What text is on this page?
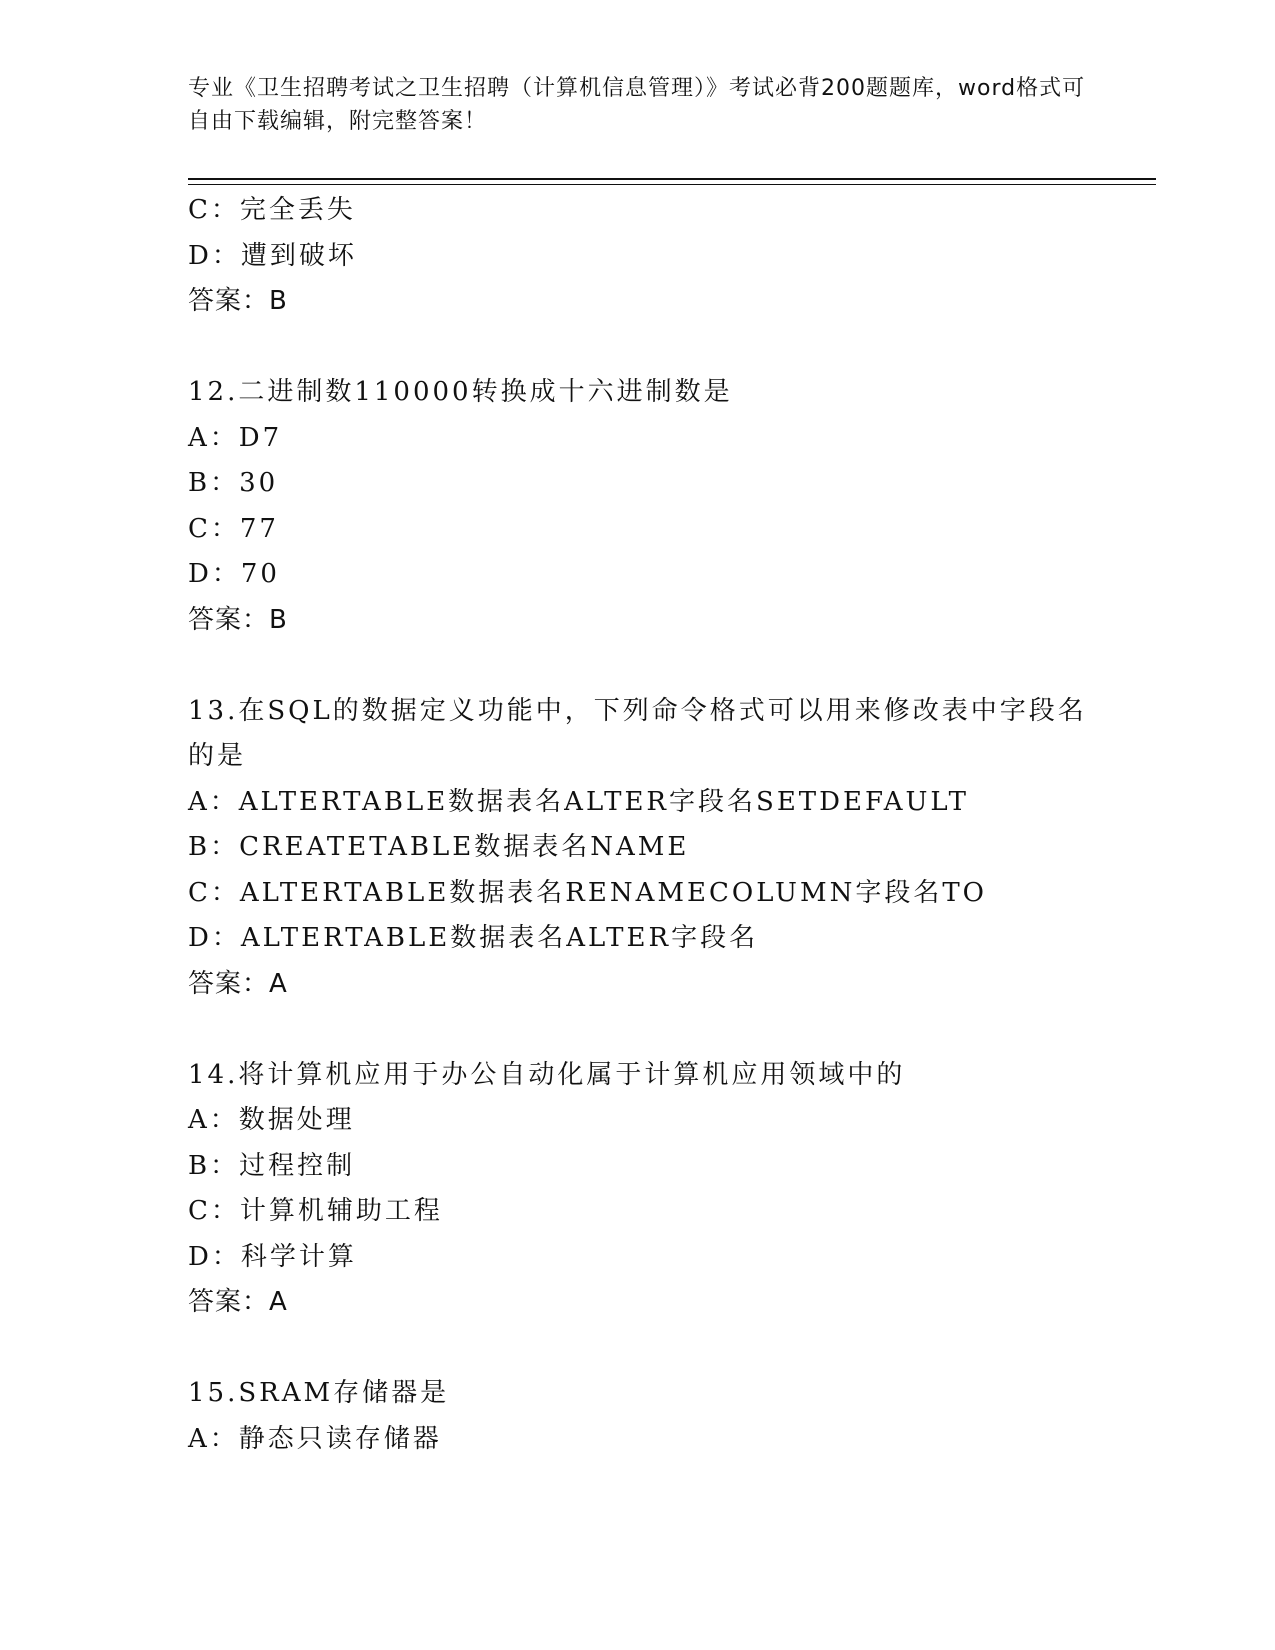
专业《卫生招聘考试之卫生招聘（计算机信息管理）》考试必背200题题库，word格式可自由下载编辑，附完整答案！
C：完全丢失
D：遭到破坏
答案：B
12.二进制数110000转换成十六进制数是
A：D7
B：30
C：77
D：70
答案：B
13.在SQL的数据定义功能中，下列命令格式可以用来修改表中字段名的是
A：ALTERTABLE数据表名ALTER字段名SETDEFAULT
B：CREATETABLE数据表名NAME
C：ALTERTABLE数据表名RENAMECOLUMN字段名TO
D：ALTERTABLE数据表名ALTER字段名
答案：A
14.将计算机应用于办公自动化属于计算机应用领域中的
A：数据处理
B：过程控制
C：计算机辅助工程
D：科学计算
答案：A
15.SRAM存储器是
A：静态只读存储器
